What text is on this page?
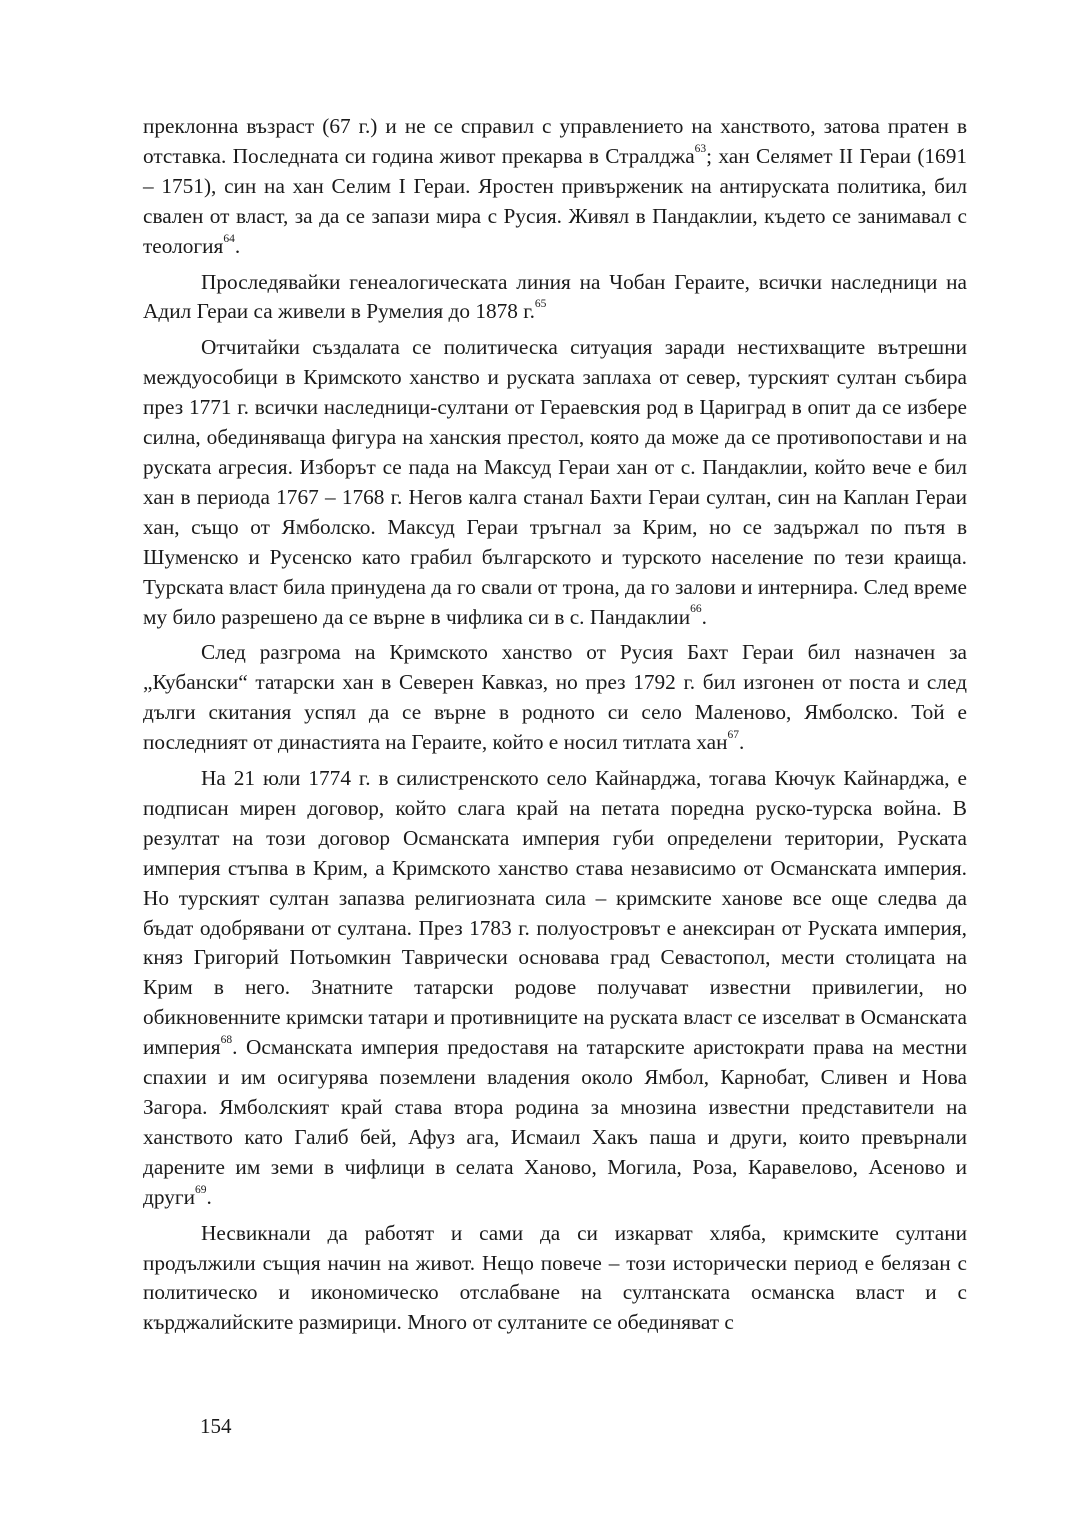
преклонна възраст (67 г.) и не се справил с управлението на ханството, затова пратен в отставка. Последната си година живот прекарва в Стралджа$^{63}$; хан Селямет II Гераи (1691 – 1751), син на хан Селим I Гераи. Яростен привърженик на антируската политика, бил свален от власт, за да се запази мира с Русия. Живял в Пандаклии, където се занимавал с теология$^{64}$.

Проследявайки генеалогическата линия на Чобан Гераите, всички наследници на Адил Гераи са живели в Румелия до 1878 г.$^{65}$

Отчитайки създалата се политическа ситуация заради нестихващите вътрешни междуособици в Кримското ханство и руската заплаха от север, турският султан събира през 1771 г. всички наследници-султани от Гераевския род в Цариград в опит да се избере силна, обединяваща фигура на ханския престол, която да може да се противопостави и на руската агресия. Изборът се пада на Максуд Гераи хан от с. Пандаклии, който вече е бил хан в периода 1767 – 1768 г. Негов калга станал Бахти Гераи султан, син на Каплан Гераи хан, също от Ямболско. Максуд Гераи тръгнал за Крим, но се задържал по пътя в Шуменско и Русенско като грабил българското и турското население по тези краища. Турската власт била принудена да го свали от трона, да го залови и интернира. След време му било разрешено да се върне в чифлика си в с. Пандаклии$^{66}$.

След разгрома на Кримското ханство от Русия Бахт Гераи бил назначен за „Кубански“ татарски хан в Северен Кавказ, но през 1792 г. бил изгонен от поста и след дълги скитания успял да се върне в родното си село Маленово, Ямболско. Той е последният от династията на Гераите, който е носил титлата хан$^{67}$.

На 21 юли 1774 г. в силистренското село Кайнарджа, тогава Кючук Кайнарджа, е подписан мирен договор, който слага край на петата поредна руско-турска война. В резултат на този договор Османската империя губи определени територии, Руската империя стъпва в Крим, а Кримското ханство става независимо от Османската империя. Но турският султан запазва религиозната сила – кримските ханове все още следва да бъдат одобрявани от султана. През 1783 г. полуостровът е анексиран от Руската империя, княз Григорий Потьомкин Таврически основава град Севастопол, мести столицата на Крим в него. Знатните татарски родове получават известни привилегии, но обикновенните кримски татари и противниците на руската власт се изселват в Османската империя$^{68}$. Османската империя предоставя на татарските аристократи права на местни спахии и им осигурява поземлени владения около Ямбол, Карнобат, Сливен и Нова Загора. Ямболският край става втора родина за мнозина известни представители на ханството като Галиб бей, Афуз ага, Исмаил Хакъ паша и други, които превърнали дарените им земи в чифлици в селата Ханово, Могила, Роза, Каравелово, Асеново и други$^{69}$.

Несвикнали да работят и сами да си изкарват хляба, кримските султани продължили същия начин на живот. Нещо повече – този исторически период е белязан с политическо и икономическо отслабване на султанската османска власт и с кърджалийските размирици. Много от султаните се обединяват с

154
